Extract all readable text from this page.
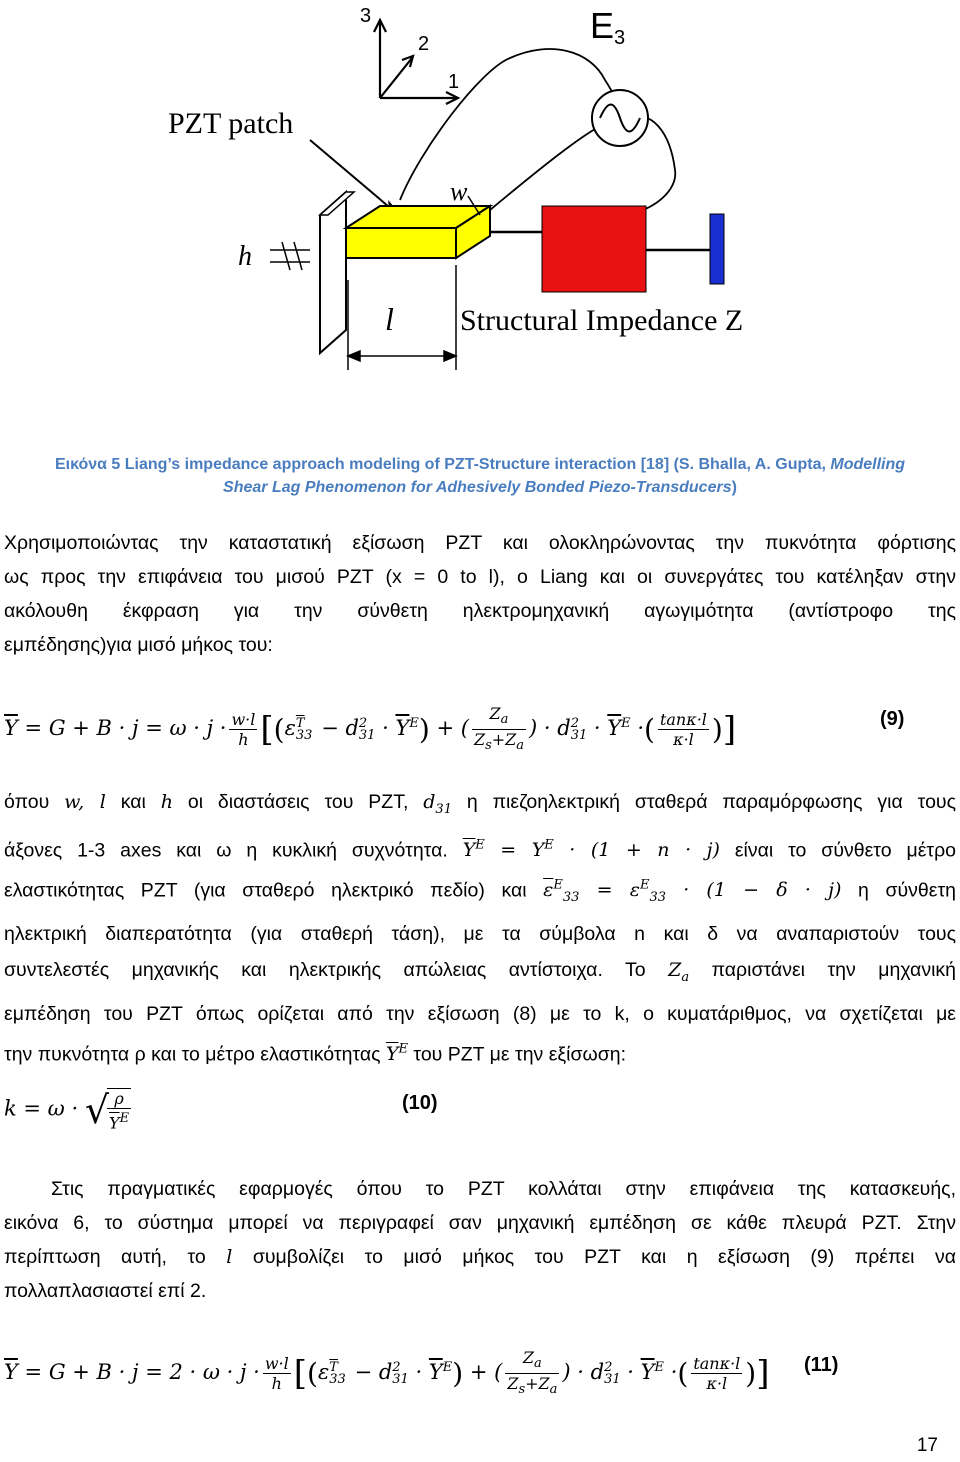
3
2
1
E3
PZT patch
w
h
l Structural Impedance Z
Εικόνα 5 Liang’s impedance approach modeling of PZT-Structure interaction [18] (S. Bhalla, A. Gupta, Modelling
Shear Lag Phenomenon for Adhesively Bonded Piezo-Transducers)
Χρησιμοποιώντας την καταστατική εξίσωση PZT και ολοκληρώνοντας την πυκνότητα φόρτισης
ως προς την επιφάνεια του μισού PZT (x = 0 to l), ο Liang και οι συνεργάτες του κατέληξαν στην
ακόλουθη έκφραση για την σύνθετη ηλεκτρομηχανική αγωγιμότητα (αντίστροφο της
εμπέδησης)για μισό μήκος του:
$\overline{Y} = G + B \cdot j = \omega \cdot j \cdot \frac{w\cdot l}{h} [(\varepsilon$ $\overline{T}$
33  − d 2
$31 \cdot \overline{Y}^E$) + ( $\frac{Z_a}{Z_s+Z_a}$ ) · d 2
$31 \cdot \overline{Y}^E$ ·( $\frac{\tan\kappa\cdot l}{\kappa\cdot l}$ )]	(9)
όπου w, l και h οι διαστάσεις του PZT, $d_{31}$ η πιεζοηλεκτρική σταθερά παραμόρφωσης για τους
άξονες 1-3 axes και ω η κυκλική συχνότητα. $\overline{Y}^E = Y^E \cdot (1 + n \cdot j)$ είναι το σύνθετο μέτρο
ελαστικότητας PZT (για σταθερό ηλεκτρικό πεδίο) και $\overline{\varepsilon}^E_{33} = \varepsilon^E_{33} \cdot (1 - \delta \cdot j)$ η σύνθετη
ηλεκτρική διαπερατότητα (για σταθερή τάση), με τα σύμβολα n και δ να αναπαριστούν τους
συντελεστές μηχανικής και ηλεκτρικής απώλειας αντίστοιχα. Το $Z_a$ παριστάνει την μηχανική
εμπέδηση του PZT όπως ορίζεται από την εξίσωση (8) με το k, ο κυματάριθμος, να σχετίζεται με
την πυκνότητα ρ και το μέτρο ελαστικότητας $\overline{Y}^E$ του PZT με την εξίσωση:
k = ω · √
$\frac{\rho}{\overline{Y}^E}$	(10)
Στις πραγματικές εφαρμογές όπου το PZT κολλάται στην επιφάνεια της κατασκευής,
εικόνα 6, το σύστημα μπορεί να περιγραφεί σαν μηχανική εμπέδηση σε κάθε πλευρά PZT. Στην
περίπτωση αυτή, το l συμβολίζει το μισό μήκος του PZT και η εξίσωση (9) πρέπει να
πολλαπλασιαστεί επί 2.
$\overline{Y} = G + B \cdot j = 2 \cdot \omega \cdot j \cdot \frac{w\cdot l}{h} [(\varepsilon$ $\overline{T}$
33  − d 2
$31 \cdot \overline{Y}^E$) + ( $\frac{Z_a}{Z_s+Z_a}$ ) · d 2
$31 \cdot \overline{Y}^E$ ·( $\frac{\tan\kappa\cdot l}{\kappa\cdot l}$ )] (11)
17
